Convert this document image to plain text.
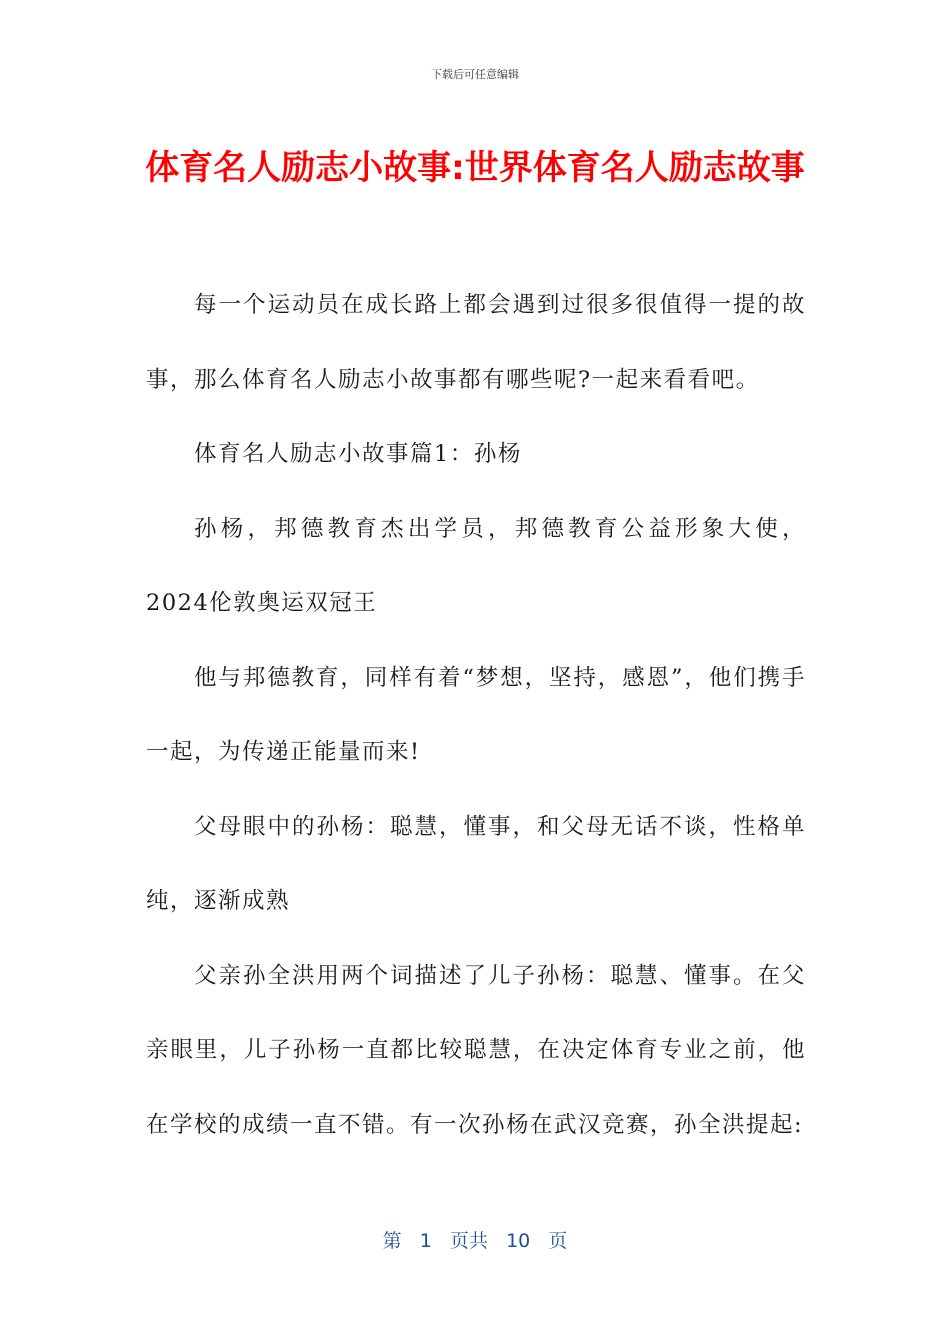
下载后可任意编辑
体育名人励志小故事:世界体育名人励志故事

每一个运动员在成长路上都会遇到过很多很值得一提的故事，那么体育名人励志小故事都有哪些呢?一起来看看吧。

体育名人励志小故事篇1：孙杨

孙杨，邦德教育杰出学员，邦德教育公益形象大使，2024伦敦奥运双冠王

他与邦德教育，同样有着“梦想，坚持，感恩”，他们携手一起，为传递正能量而来!

父母眼中的孙杨：聪慧，懂事，和父母无话不谈，性格单纯，逐渐成熟

父亲孙全洪用两个词描述了儿子孙杨：聪慧、懂事。在父亲眼里，儿子孙杨一直都比较聪慧，在决定体育专业之前，他在学校的成绩一直不错。有一次孙杨在武汉竞赛，孙全洪提起:

第 1 页共 10 页
